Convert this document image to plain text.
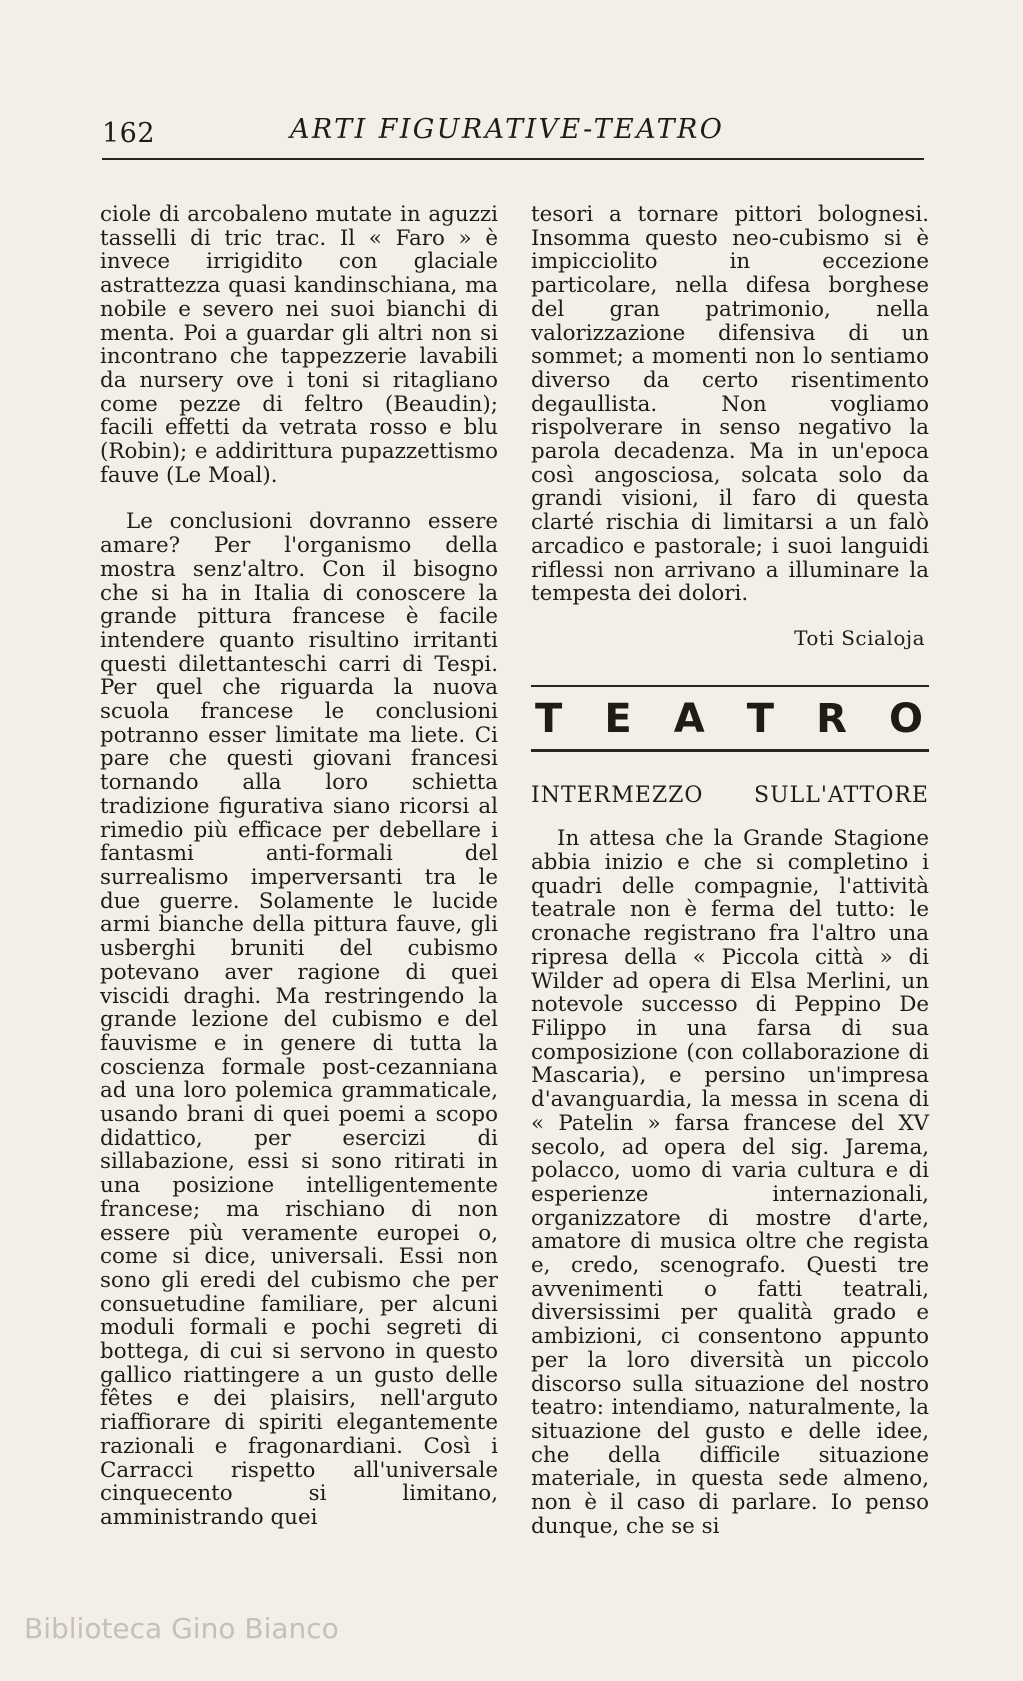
162	ARTI FIGURATIVE-TEATRO

ciole di arcobaleno mutate in aguzzi tasselli di tric trac. Il « Faro » è invece irrigidito con glaciale astrattezza quasi kandinschiana, ma nobile e severo nei suoi bianchi di menta. Poi a guardar gli altri non si incontrano che tappezzerie lavabili da nursery ove i toni si ritagliano come pezze di feltro (Beaudin); facili effetti da vetrata rosso e blu (Robin); e addirittura pupazzettismo fauve (Le Moal).

Le conclusioni dovranno essere amare? Per l'organismo della mostra senz'altro. Con il bisogno che si ha in Italia di conoscere la grande pittura francese è facile intendere quanto risultino irritanti questi dilettanteschi carri di Tespi. Per quel che riguarda la nuova scuola francese le conclusioni potranno esser limitate ma liete. Ci pare che questi giovani francesi tornando alla loro schietta tradizione figurativa siano ricorsi al rimedio più efficace per debellare i fantasmi anti-formali del surrealismo imperversanti tra le due guerre. Solamente le lucide armi bianche della pittura fauve, gli usberghi bruniti del cubismo potevano aver ragione di quei viscidi draghi. Ma restringendo la grande lezione del cubismo e del fauvisme e in genere di tutta la coscienza formale post-cezanniana ad una loro polemica grammaticale, usando brani di quei poemi a scopo didattico, per esercizi di sillabazione, essi si sono ritirati in una posizione intelligentemente francese; ma rischiano di non essere più veramente europei o, come si dice, universali. Essi non sono gli eredi del cubismo che per consuetudine familiare, per alcuni moduli formali e pochi segreti di bottega, di cui si servono in questo gallico riattingere a un gusto delle fêtes e dei plaisirs, nell'arguto riaffiorare di spiriti elegantemente razionali e fragonardiani. Così i Carracci rispetto all'universale cinquecento si limitano, amministrando quei

tesori a tornare pittori bolognesi. Insomma questo neo-cubismo si è impicciolito in eccezione particolare, nella difesa borghese del gran patrimonio, nella valorizzazione difensiva di un sommet; a momenti non lo sentiamo diverso da certo risentimento degaullista. Non vogliamo rispolverare in senso negativo la parola decadenza. Ma in un'epoca così angosciosa, solcata solo da grandi visioni, il faro di questa clarté rischia di limitarsi a un falò arcadico e pastorale; i suoi languidi riflessi non arrivano a illuminare la tempesta dei dolori.

Toti Scialoja
T E A T R O
INTERMEZZO SULL'ATTORE

In attesa che la Grande Stagione abbia inizio e che si completino i quadri delle compagnie, l'attività teatrale non è ferma del tutto: le cronache registrano fra l'altro una ripresa della « Piccola città » di Wilder ad opera di Elsa Merlini, un notevole successo di Peppino De Filippo in una farsa di sua composizione (con collaborazione di Mascaria), e persino un'impresa d'avanguardia, la messa in scena di « Patelin » farsa francese del XV secolo, ad opera del sig. Jarema, polacco, uomo di varia cultura e di esperienze internazionali, organizzatore di mostre d'arte, amatore di musica oltre che regista e, credo, scenografo. Questi tre avvenimenti o fatti teatrali, diversissimi per qualità grado e ambizioni, ci consentono appunto per la loro diversità un piccolo discorso sulla situazione del nostro teatro: intendiamo, naturalmente, la situazione del gusto e delle idee, che della difficile situazione materiale, in questa sede almeno, non è il caso di parlare. Io penso dunque, che se si

Biblioteca Gino Bianco
